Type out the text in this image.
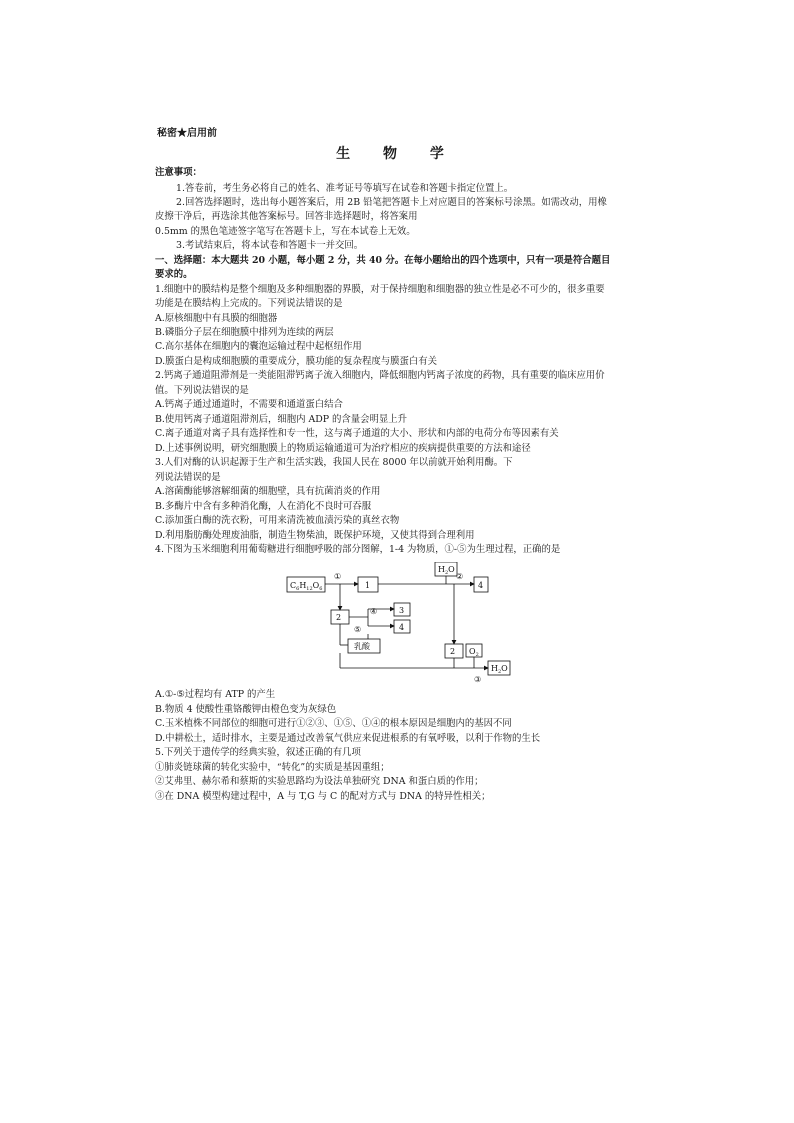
秘密★启用前
生 物 学
注意事项：
1.答卷前，考生务必将自己的姓名、准考证号等填写在试卷和答题卡指定位置上。
2.回答选择题时，选出每小题答案后，用 2B 铅笔把答题卡上对应题目的答案标号涂黑。如需改动，用橡
皮擦干净后，再选涂其他答案标号。回答非选择题时，将答案用
0.5mm 的黑色笔迹签字笔写在答题卡上，写在本试卷上无效。
3.考试结束后，将本试卷和答题卡一并交回。
一、选择题：本大题共 20 小题，每小题 2 分，共 40 分。在每小题给出的四个选项中，只有一项是符合题目
要求的。
1.细胞中的膜结构是整个细胞及多种细胞器的界膜，对于保持细胞和细胞器的独立性是必不可少的，很多重要
功能是在膜结构上完成的。下列说法错误的是
A.原核细胞中有具膜的细胞器
B.磷脂分子层在细胞膜中排列为连续的两层
C.高尔基体在细胞内的囊泡运输过程中起枢纽作用
D.膜蛋白是构成细胞膜的重要成分，膜功能的复杂程度与膜蛋白有关
2.钙离子通道阻滞剂是一类能阻滞钙离子流入细胞内，降低细胞内钙离子浓度的药物，具有重要的临床应用价
值。下列说法错误的是
A.钙离子通过通道时，不需要和通道蛋白结合
B.使用钙离子通道阻滞剂后，细胞内 ADP 的含量会明显上升
C.离子通道对离子具有选择性和专一性，这与离子通道的大小、形状和内部的电荷分布等因素有关
D.上述事例说明，研究细胞膜上的物质运输通道可为治疗相应的疾病提供重要的方法和途径
3.人们对酶的认识起源于生产和生活实践，我国人民在 8000 年以前就开始利用酶。下
列说法错误的是
A.溶菌酶能够溶解细菌的细胞壁，具有抗菌消炎的作用
B.多酶片中含有多种消化酶，人在消化不良时可吞服
C.添加蛋白酶的洗衣粉，可用来清洗被血渍污染的真丝衣物
D.利用脂肪酶处理废油脂，制造生物柴油，既保护环境，又使其得到合理利用
4.下图为玉米细胞利用葡萄糖进行细胞呼吸的部分图解，1-4 为物质，①-⑤为生理过程，正确的是
$C_6H_{12}O_6$
①
1
$H_2O$
②
4
2
④	3
4
⑤
乳酸
2 $O_2$
③
$H_2O$
A.①-⑤过程均有 ATP 的产生
B.物质 4 使酸性重铬酸钾由橙色变为灰绿色
C.玉米植株不同部位的细胞可进行①②③、①⑤、①④的根本原因是细胞内的基因不同
D.中耕松土，适时排水，主要是通过改善氧气供应来促进根系的有氧呼吸，以利于作物的生长
5.下列关于遗传学的经典实验，叙述正确的有几项
①肺炎链球菌的转化实验中，“转化”的实质是基因重组；
②艾弗里、赫尔希和蔡斯的实验思路均为设法单独研究 DNA 和蛋白质的作用；
③在 DNA 模型构建过程中，A 与 T,G 与 C 的配对方式与 DNA 的特异性相关；
